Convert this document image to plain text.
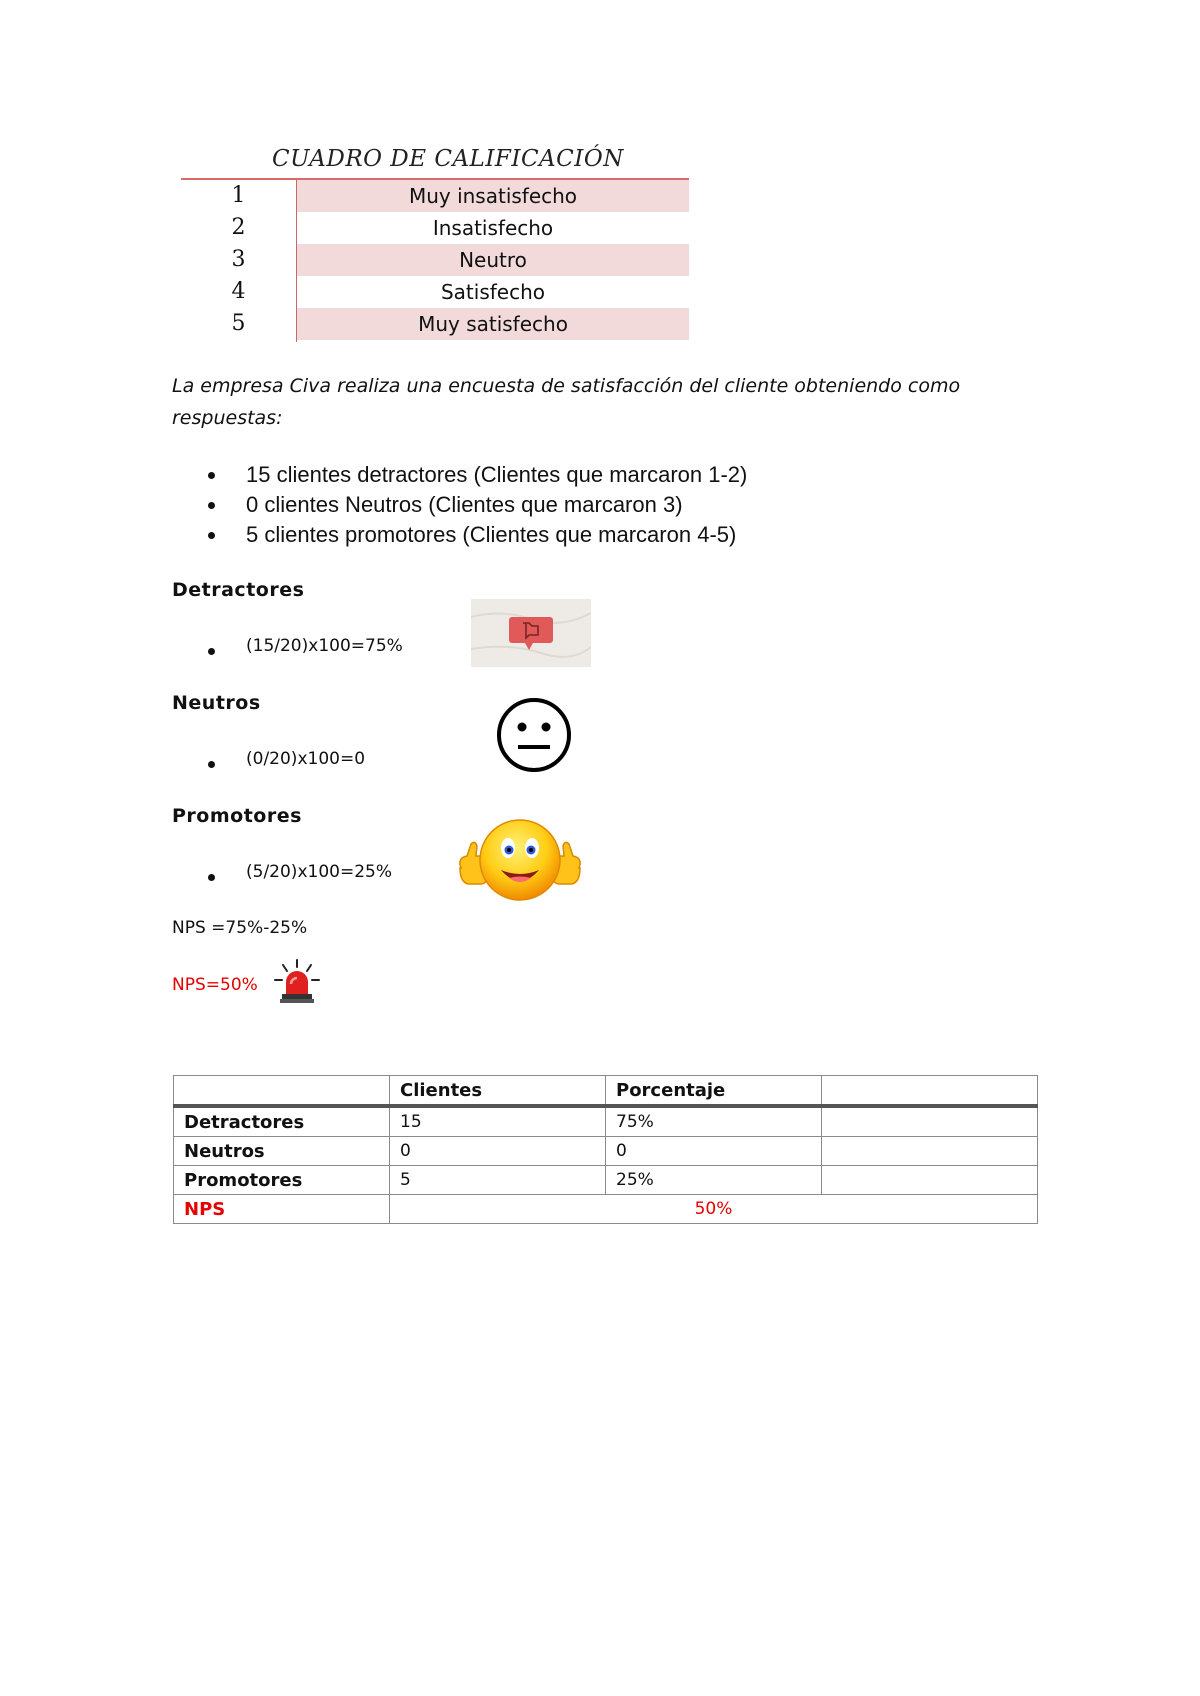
CUADRO DE CALIFICACIÓN
1	Muy insatisfecho
2	Insatisfecho
3	Neutro
4	Satisfecho
5	Muy satisfecho
La empresa Civa realiza una encuesta de satisfacción del cliente obteniendo como respuestas:
15 clientes detractores (Clientes que marcaron 1-2)
0 clientes Neutros (Clientes que marcaron 3)
5 clientes promotores (Clientes que marcaron 4-5)
Detractores
(15/20)x100=75%
Neutros
(0/20)x100=0
Promotores
(5/20)x100=25%
NPS =75%-25%
NPS=50%
	Clientes	Porcentaje	
Detractores	15	75%	
Neutros	0	0	
Promotores	5	25%	
NPS	50%		
